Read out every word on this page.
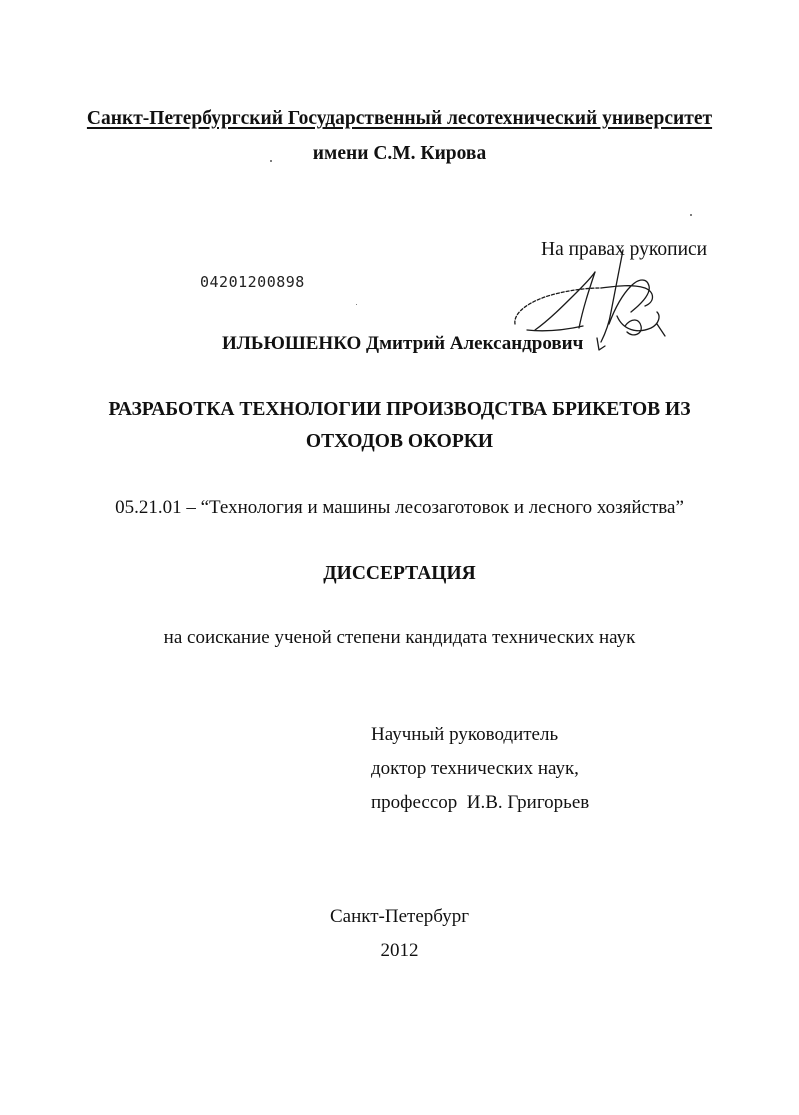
Санкт-Петербургский Государственный лесотехнический университет
имени С.М. Кирова
На правах рукописи
04201200898
ИЛЬЮШЕНКО Дмитрий Александрович
РАЗРАБОТКА ТЕХНОЛОГИИ ПРОИЗВОДСТВА БРИКЕТОВ ИЗ
ОТХОДОВ ОКОРКИ
05.21.01 – “Технология и машины лесозаготовок и лесного хозяйства”
ДИССЕРТАЦИЯ
на соискание ученой степени кандидата технических наук
Научный руководитель
доктор технических наук,
профессор  И.В. Григорьев
Санкт-Петербург
2012
